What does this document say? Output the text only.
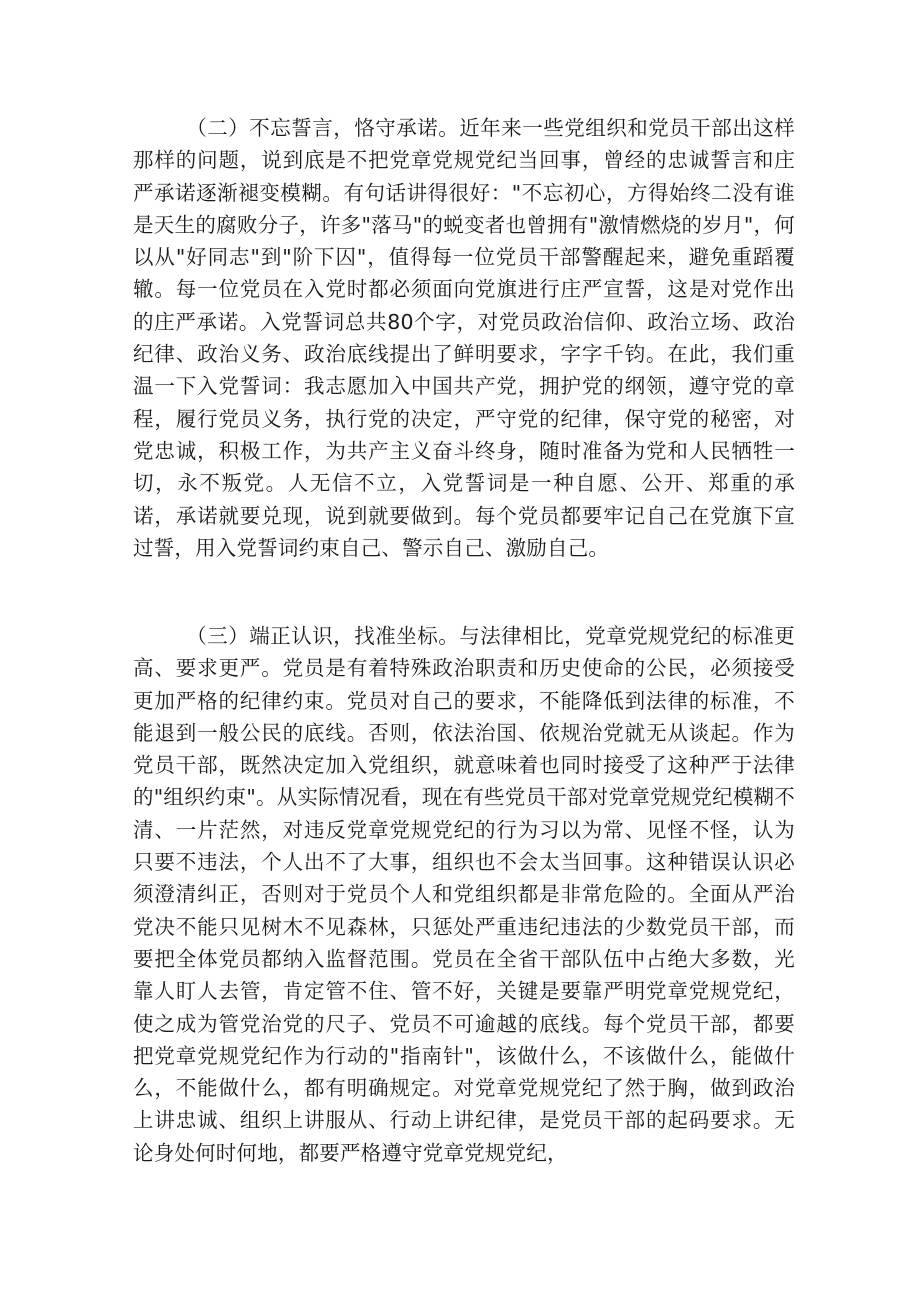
（二）不忘誓言，恪守承诺。近年来一些党组织和党员干部出这样那样的问题，说到底是不把党章党规党纪当回事，曾经的忠诚誓言和庄严承诺逐渐褪变模糊。有句话讲得很好："不忘初心，方得始终二没有谁是天生的腐败分子，许多"落马"的蜕变者也曾拥有"激情燃烧的岁月"，何以从"好同志"到"阶下囚"，值得每一位党员干部警醒起来，避免重蹈覆辙。每一位党员在入党时都必须面向党旗进行庄严宣誓，这是对党作出的庄严承诺。入党誓词总共80个字，对党员政治信仰、政治立场、政治纪律、政治义务、政治底线提出了鲜明要求，字字千钧。在此，我们重温一下入党誓词：我志愿加入中国共产党，拥护党的纲领，遵守党的章程，履行党员义务，执行党的决定，严守党的纪律，保守党的秘密，对党忠诚，积极工作，为共产主义奋斗终身，随时准备为党和人民牺牲一切，永不叛党。人无信不立，入党誓词是一种自愿、公开、郑重的承诺，承诺就要兑现，说到就要做到。每个党员都要牢记自己在党旗下宣过誓，用入党誓词约束自己、警示自己、激励自己。

（三）端正认识，找准坐标。与法律相比，党章党规党纪的标准更高、要求更严。党员是有着特殊政治职责和历史使命的公民，必须接受更加严格的纪律约束。党员对自己的要求，不能降低到法律的标准，不能退到一般公民的底线。否则，依法治国、依规治党就无从谈起。作为党员干部，既然决定加入党组织，就意味着也同时接受了这种严于法律的"组织约束"。从实际情况看，现在有些党员干部对党章党规党纪模糊不清、一片茫然，对违反党章党规党纪的行为习以为常、见怪不怪，认为只要不违法，个人出不了大事，组织也不会太当回事。这种错误认识必须澄清纠正，否则对于党员个人和党组织都是非常危险的。全面从严治党决不能只见树木不见森林，只惩处严重违纪违法的少数党员干部，而要把全体党员都纳入监督范围。党员在全省干部队伍中占绝大多数，光靠人盯人去管，肯定管不住、管不好，关键是要靠严明党章党规党纪，使之成为管党治党的尺子、党员不可逾越的底线。每个党员干部，都要把党章党规党纪作为行动的"指南针"，该做什么，不该做什么，能做什么，不能做什么，都有明确规定。对党章党规党纪了然于胸，做到政治上讲忠诚、组织上讲服从、行动上讲纪律，是党员干部的起码要求。无论身处何时何地，都要严格遵守党章党规党纪，
